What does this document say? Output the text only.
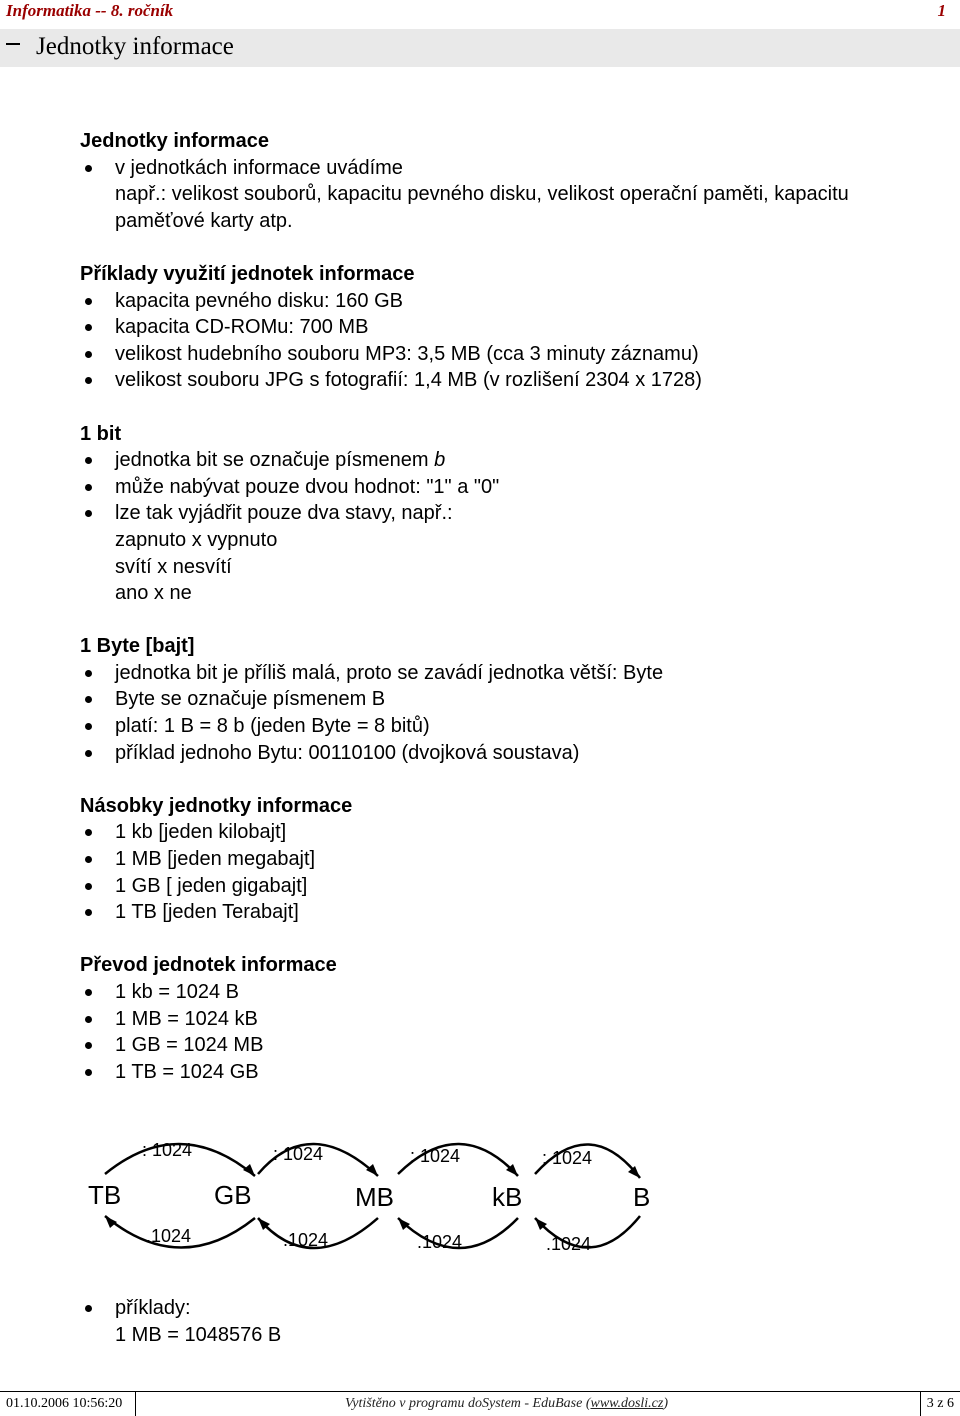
Informatika -- 8. ročník	1
Jednotky informace

Jednotky informace

v jednotkách informace uvádíme
např.: velikost souborů, kapacitu pevného disku, velikost operační paměti, kapacitu
paměťové karty atp.

Příklady využití jednotek informace

kapacita pevného disku: 160 GB
kapacita CD-ROMu: 700 MB
velikost hudebního souboru MP3: 3,5 MB (cca 3 minuty záznamu)
velikost souboru JPG s fotografií: 1,4 MB (v rozlišení 2304 x 1728)

1 bit

jednotka bit se označuje písmenem b
může nabývat pouze dvou hodnot: "1" a "0"
lze tak vyjádřit pouze dva stavy, např.:
zapnuto x vypnuto
svítí x nesvítí
ano x ne

1 Byte [bajt]

jednotka bit je příliš malá, proto se zavádí jednotka větší: Byte
Byte se označuje písmenem B
platí: 1 B = 8 b (jeden Byte = 8 bitů)
příklad jednoho Bytu: 00110100 (dvojková soustava)

Násobky jednotky informace

1 kb [jeden kilobajt]
1 MB [jeden megabajt]
1 GB [ jeden gigabajt]
1 TB [jeden Terabajt]

Převod jednotek informace

1 kb = 1024 B
1 MB = 1024 kB
1 GB = 1024 MB
1 TB = 1024 GB
TB	GB	MB	kB	B
: 1024	: 1024	: 1024	: 1024
.1024	.1024	.1024	.1024
příklady:
1 MB = 1048576 B
01.10.2006 10:56:20	Vytištěno v programu doSystem - EduBase (www.dosli.cz)	3 z 6
